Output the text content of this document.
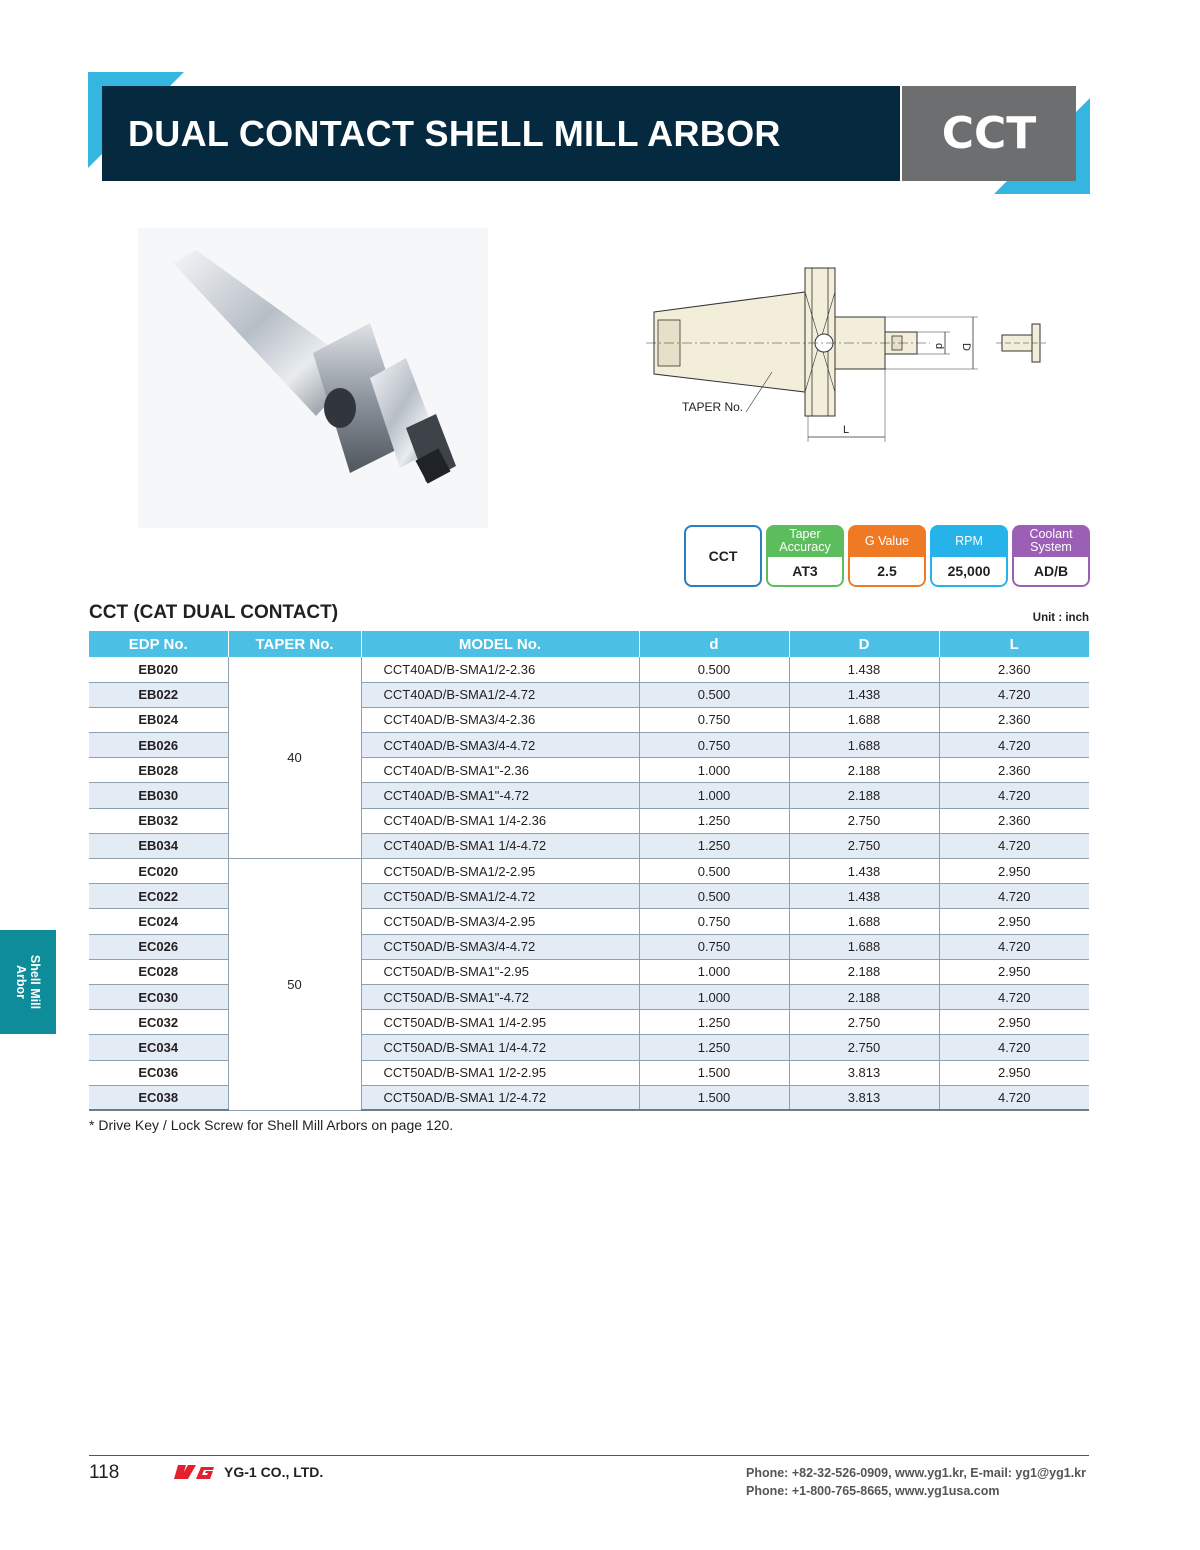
DUAL CONTACT SHELL MILL ARBOR	CCT
d D
L
TAPER No.
CCT
Taper Accuracy
AT3
G Value
2.5
RPM
25,000
Coolant System
AD/B
CCT (CAT DUAL CONTACT)	Unit : inch
EDP No.	TAPER No.	MODEL No.	d	D	L
EB020	40	CCT40AD/B-SMA1/2-2.36	0.500	1.438	2.360
EB022		CCT40AD/B-SMA1/2-4.72	0.500	1.438	4.720
EB024		CCT40AD/B-SMA3/4-2.36	0.750	1.688	2.360
EB026		CCT40AD/B-SMA3/4-4.72	0.750	1.688	4.720
EB028		CCT40AD/B-SMA1"-2.36	1.000	2.188	2.360
EB030		CCT40AD/B-SMA1"-4.72	1.000	2.188	4.720
EB032		CCT40AD/B-SMA1 1/4-2.36	1.250	2.750	2.360
EB034		CCT40AD/B-SMA1 1/4-4.72	1.250	2.750	4.720
EC020	50	CCT50AD/B-SMA1/2-2.95	0.500	1.438	2.950
EC022		CCT50AD/B-SMA1/2-4.72	0.500	1.438	4.720
EC024		CCT50AD/B-SMA3/4-2.95	0.750	1.688	2.950
EC026		CCT50AD/B-SMA3/4-4.72	0.750	1.688	4.720
EC028		CCT50AD/B-SMA1"-2.95	1.000	2.188	2.950
EC030		CCT50AD/B-SMA1"-4.72	1.000	2.188	4.720
EC032		CCT50AD/B-SMA1 1/4-2.95	1.250	2.750	2.950
EC034		CCT50AD/B-SMA1 1/4-4.72	1.250	2.750	4.720
EC036		CCT50AD/B-SMA1 1/2-2.95	1.500	3.813	2.950
EC038		CCT50AD/B-SMA1 1/2-4.72	1.500	3.813	4.720
* Drive Key / Lock Screw for Shell Mill Arbors on page 120.
Shell Mill
Arbor
118	YG-1 CO., LTD.	Phone: +82-32-526-0909, www.yg1.kr, E-mail: yg1@yg1.kr
Phone: +1-800-765-8665, www.yg1usa.com
